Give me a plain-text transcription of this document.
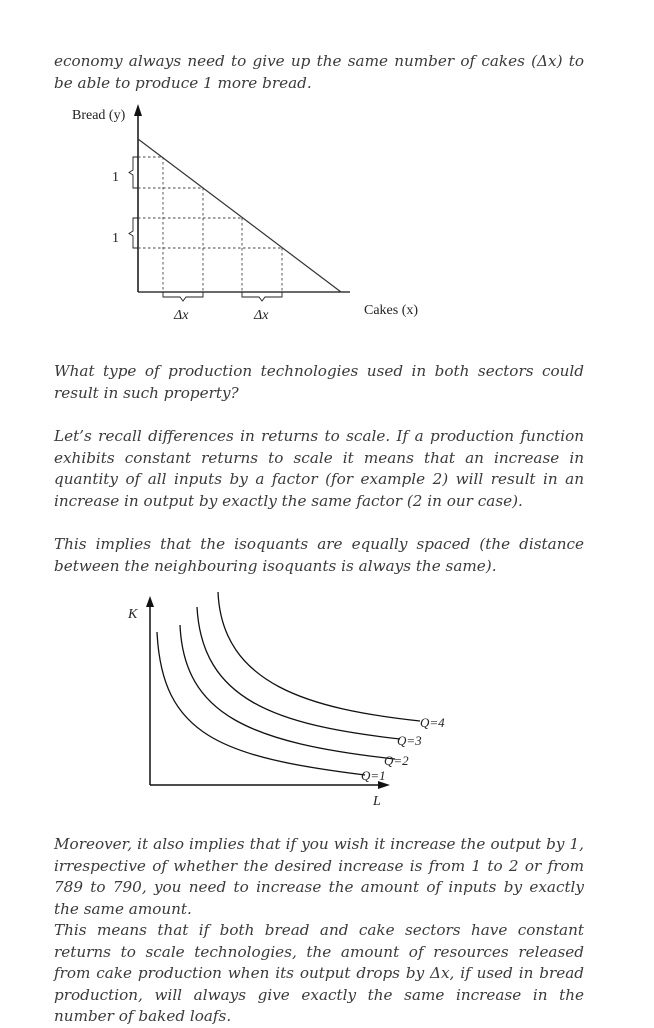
economy always need to give up the same number of cakes (Δx) to be able to produce 1 more bread.

Bread (y)
1
1
Δx	Δx	Cakes (x)

What type of production technologies used in both sectors could result in such property?

Let’s recall differences in returns to scale. If a production function exhibits constant returns to scale it means that an increase in quantity of all inputs by a factor (for example 2) will result in an increase in output by exactly the same factor (2 in our case).

This implies that the isoquants are equally spaced (the distance between the neighbouring isoquants is always the same).

K
L
Q=1
Q=2
Q=3
Q=4

Moreover, it also implies that if you wish it increase the output by 1, irrespective of whether the desired increase is from 1 to 2 or from 789 to 790, you need to increase the amount of inputs by exactly the same amount.

This means that if both bread and cake sectors have constant returns to scale technologies, the amount of resources released from cake production when its output drops by Δx, if used in bread production, will always give exactly the same increase in the number of baked loafs.
